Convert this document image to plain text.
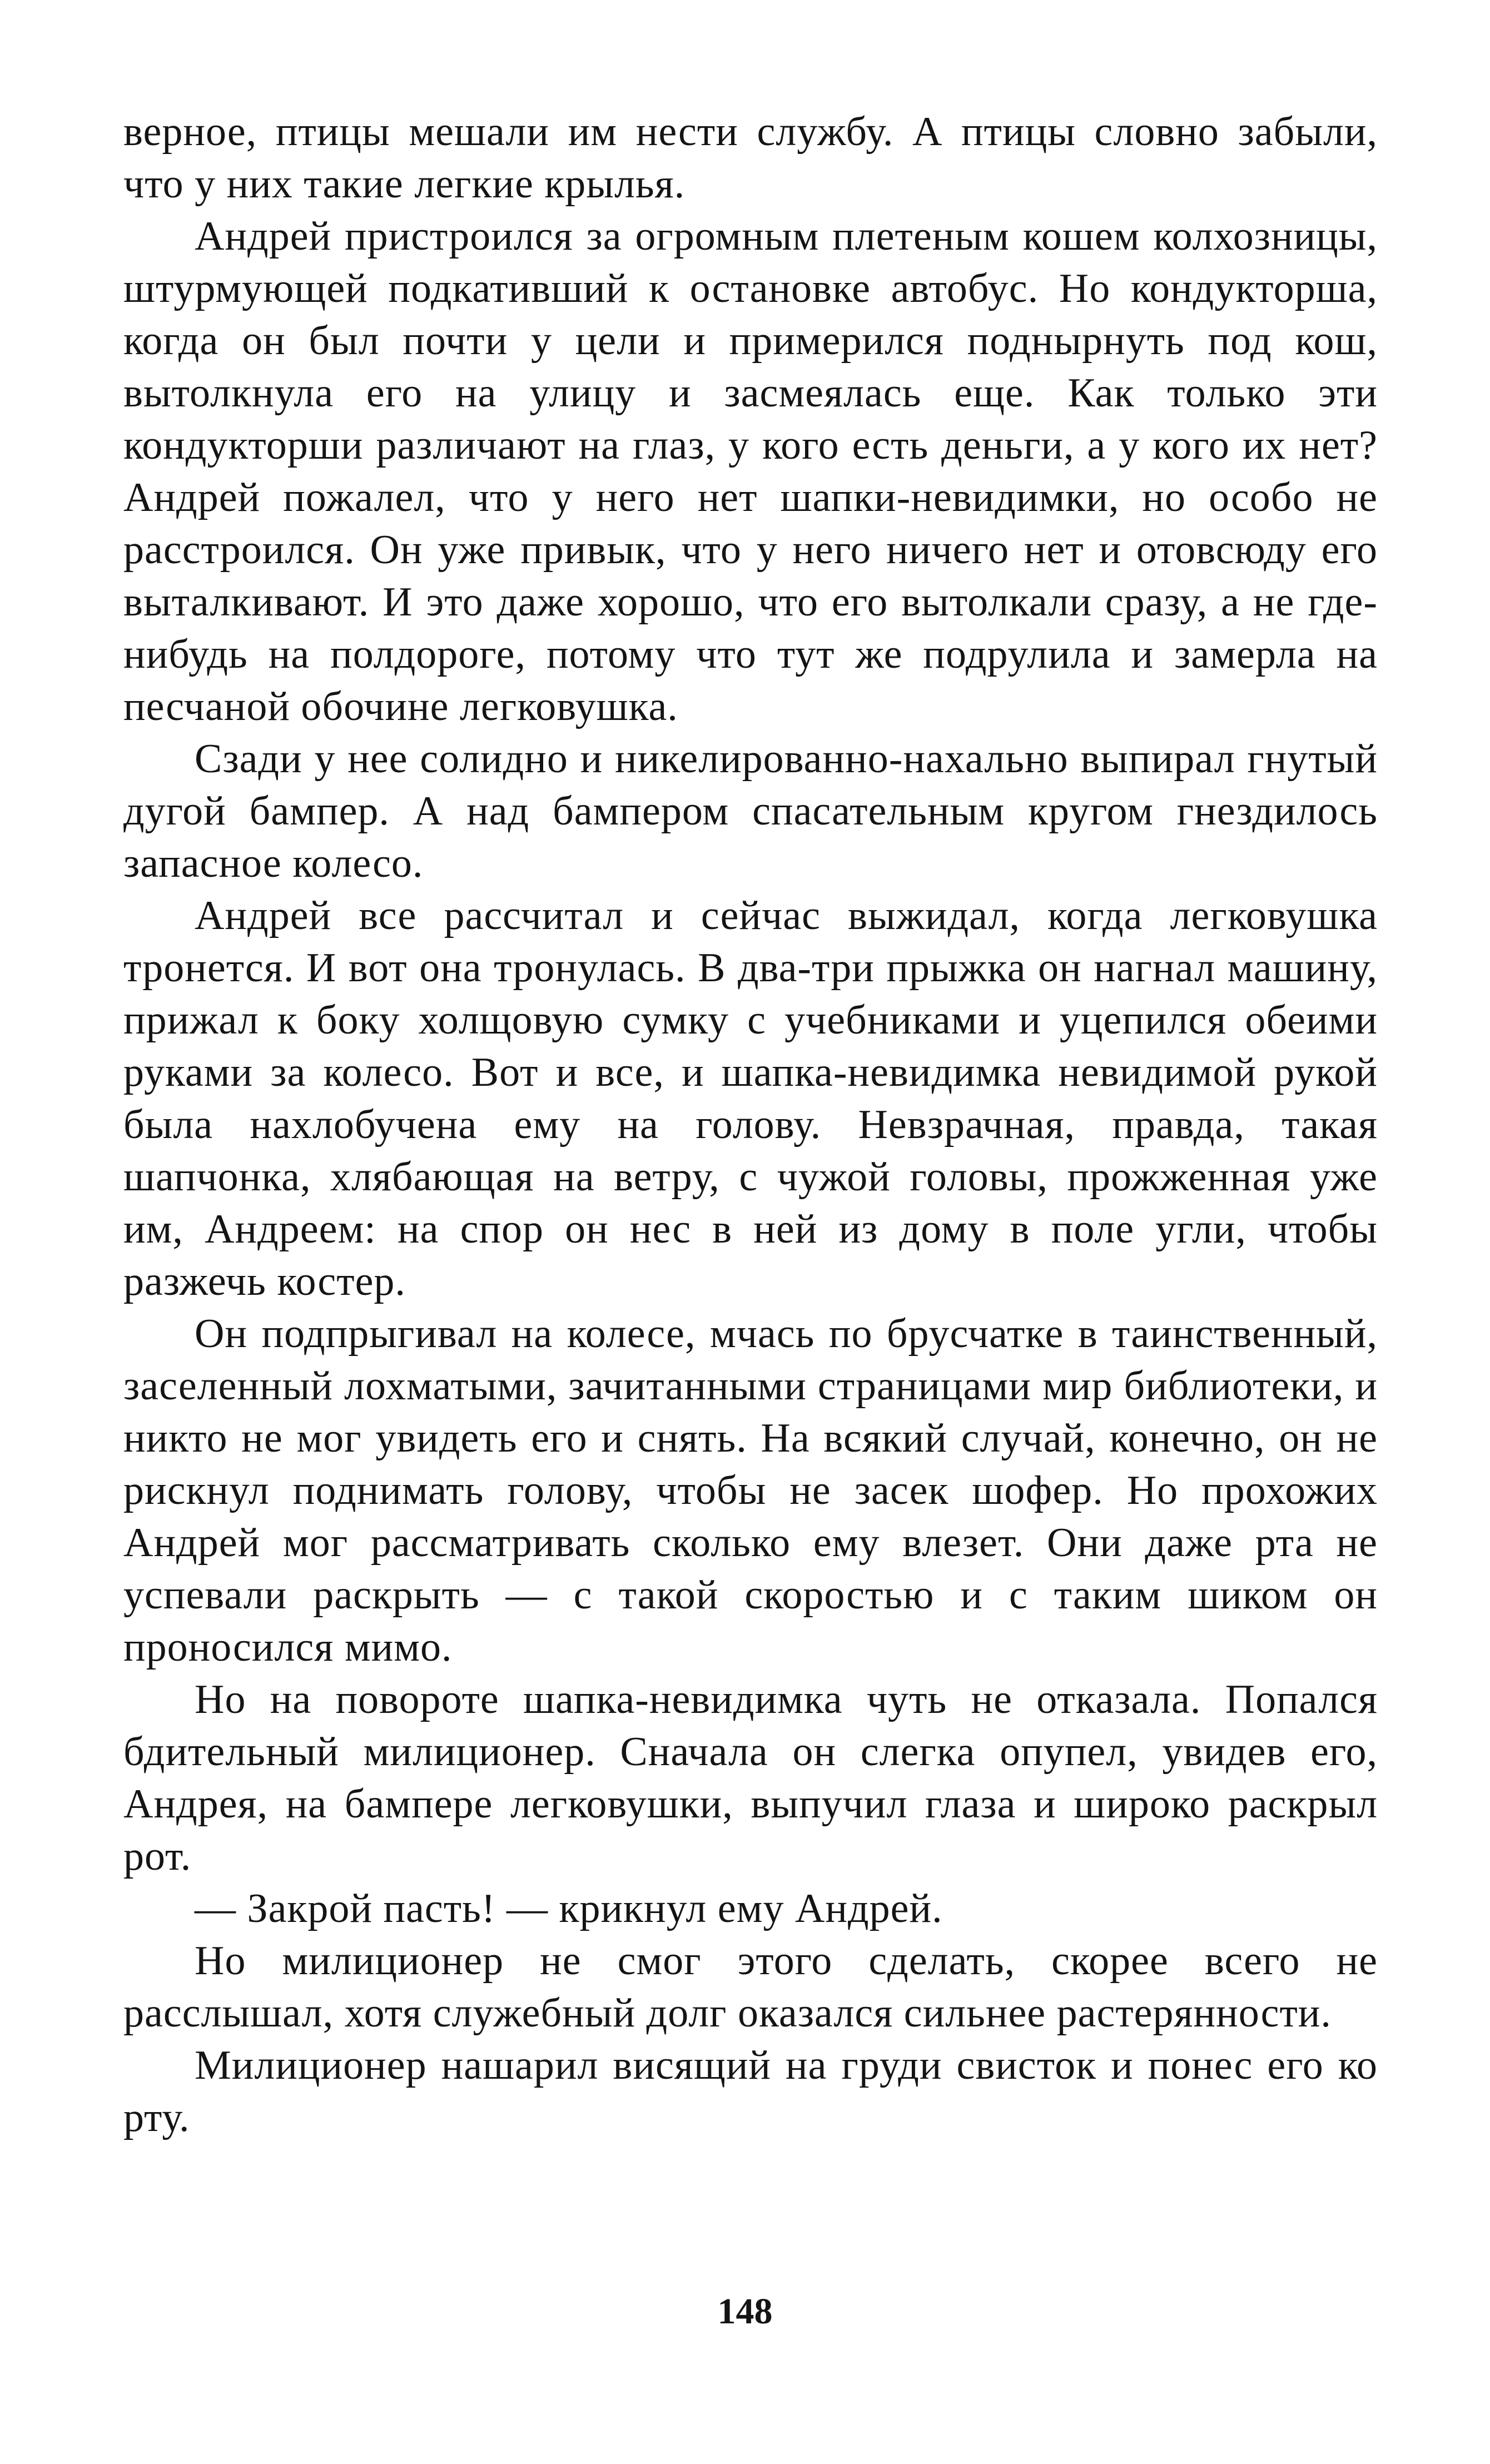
верное, птицы мешали им нести службу. А птицы словно забыли, что у них такие легкие крылья.

Андрей пристроился за огромным плетеным кошем колхозницы, штурмующей подкативший к остановке автобус. Но кондукторша, когда он был почти у цели и примерился поднырнуть под кош, вытолкнула его на улицу и засмеялась еще. Как только эти кондукторши различают на глаз, у кого есть деньги, а у кого их нет? Андрей пожалел, что у него нет шапки-невидимки, но особо не расстроился. Он уже привык, что у него ничего нет и отовсюду его выталкивают. И это даже хорошо, что его вытолкали сразу, а не где-нибудь на полдороге, потому что тут же подрулила и замерла на песчаной обочине легковушка.

Сзади у нее солидно и никелированно-нахально выпирал гнутый дугой бампер. А над бампером спасательным кругом гнездилось запасное колесо.

Андрей все рассчитал и сейчас выжидал, когда легковушка тронется. И вот она тронулась. В два-три прыжка он нагнал машину, прижал к боку холщовую сумку с учебниками и уцепился обеими руками за колесо. Вот и все, и шапка-невидимка невидимой рукой была нахлобучена ему на голову. Невзрачная, правда, такая шапчонка, хлябающая на ветру, с чужой головы, прожженная уже им, Андреем: на спор он нес в ней из дому в поле угли, чтобы разжечь костер.

Он подпрыгивал на колесе, мчась по брусчатке в таинственный, заселенный лохматыми, зачитанными страницами мир библиотеки, и никто не мог увидеть его и снять. На всякий случай, конечно, он не рискнул поднимать голову, чтобы не засек шофер. Но прохожих Андрей мог рассматривать сколько ему влезет. Они даже рта не успевали раскрыть — с такой скоростью и с таким шиком он проносился мимо.

Но на повороте шапка-невидимка чуть не отказала. Попался бдительный милиционер. Сначала он слегка опупел, увидев его, Андрея, на бампере легковушки, выпучил глаза и широко раскрыл рот.

— Закрой пасть! — крикнул ему Андрей.

Но милиционер не смог этого сделать, скорее всего не расслышал, хотя служебный долг оказался сильнее растерянности.

Милиционер нашарил висящий на груди свисток и понес его ко рту.

148
